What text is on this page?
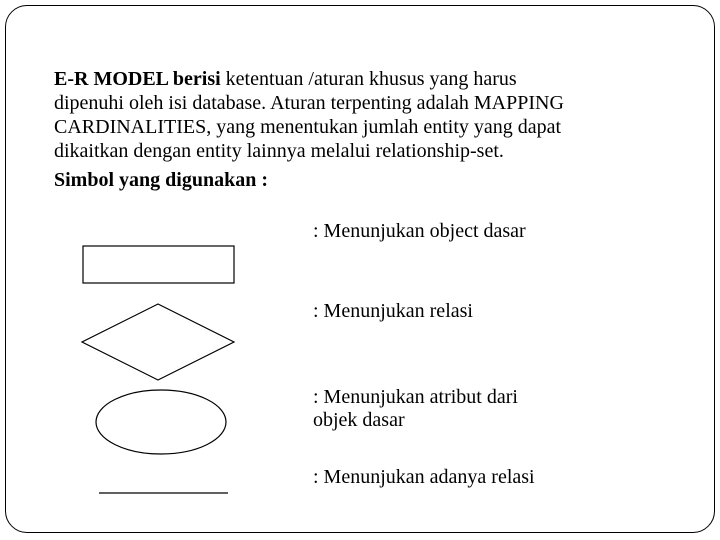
E-R MODEL berisi ketentuan /aturan khusus yang harus
dipenuhi oleh isi database. Aturan terpenting adalah MAPPING
CARDINALITIES, yang menentukan jumlah entity yang dapat
dikaitkan dengan entity lainnya melalui relationship-set.

Simbol yang digunakan :

: Menunjukan object dasar

: Menunjukan relasi

: Menunjukan atribut dari
objek dasar

: Menunjukan adanya relasi
